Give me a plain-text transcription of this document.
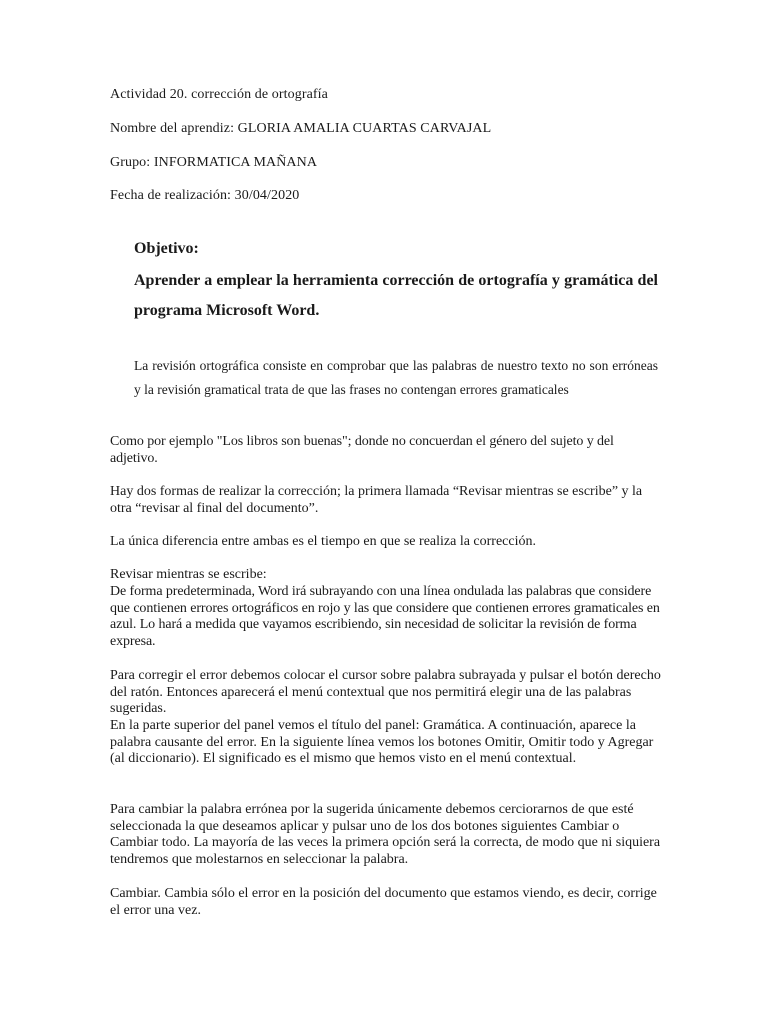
Actividad 20. corrección de ortografía
Nombre del aprendiz: GLORIA AMALIA CUARTAS CARVAJAL
Grupo: INFORMATICA MAÑANA
Fecha de realización: 30/04/2020
Objetivo:
Aprender a emplear la herramienta corrección de ortografía y gramática del programa Microsoft Word.
La revisión ortográfica consiste en comprobar que las palabras de nuestro texto no son erróneas y la revisión gramatical trata de que las frases no contengan errores gramaticales
Como por ejemplo "Los libros son buenas"; donde no concuerdan el género del sujeto y del adjetivo.
Hay dos formas de realizar la corrección; la primera llamada “Revisar mientras se escribe” y la otra “revisar al final del documento”.
La única diferencia entre ambas es el tiempo en que se realiza la corrección.
Revisar mientras se escribe:
De forma predeterminada, Word irá subrayando con una línea ondulada las palabras que considere que contienen errores ortográficos en rojo y las que considere que contienen errores gramaticales en azul. Lo hará a medida que vayamos escribiendo, sin necesidad de solicitar la revisión de forma expresa.
Para corregir el error debemos colocar el cursor sobre palabra subrayada y pulsar el botón derecho del ratón. Entonces aparecerá el menú contextual que nos permitirá elegir una de las palabras sugeridas.
En la parte superior del panel vemos el título del panel: Gramática. A continuación, aparece la palabra causante del error. En la siguiente línea vemos los botones Omitir, Omitir todo y Agregar (al diccionario). El significado es el mismo que hemos visto en el menú contextual.
Para cambiar la palabra errónea por la sugerida únicamente debemos cerciorarnos de que esté seleccionada la que deseamos aplicar y pulsar uno de los dos botones siguientes Cambiar o Cambiar todo. La mayoría de las veces la primera opción será la correcta, de modo que ni siquiera tendremos que molestarnos en seleccionar la palabra.
Cambiar. Cambia sólo el error en la posición del documento que estamos viendo, es decir, corrige el error una vez.
